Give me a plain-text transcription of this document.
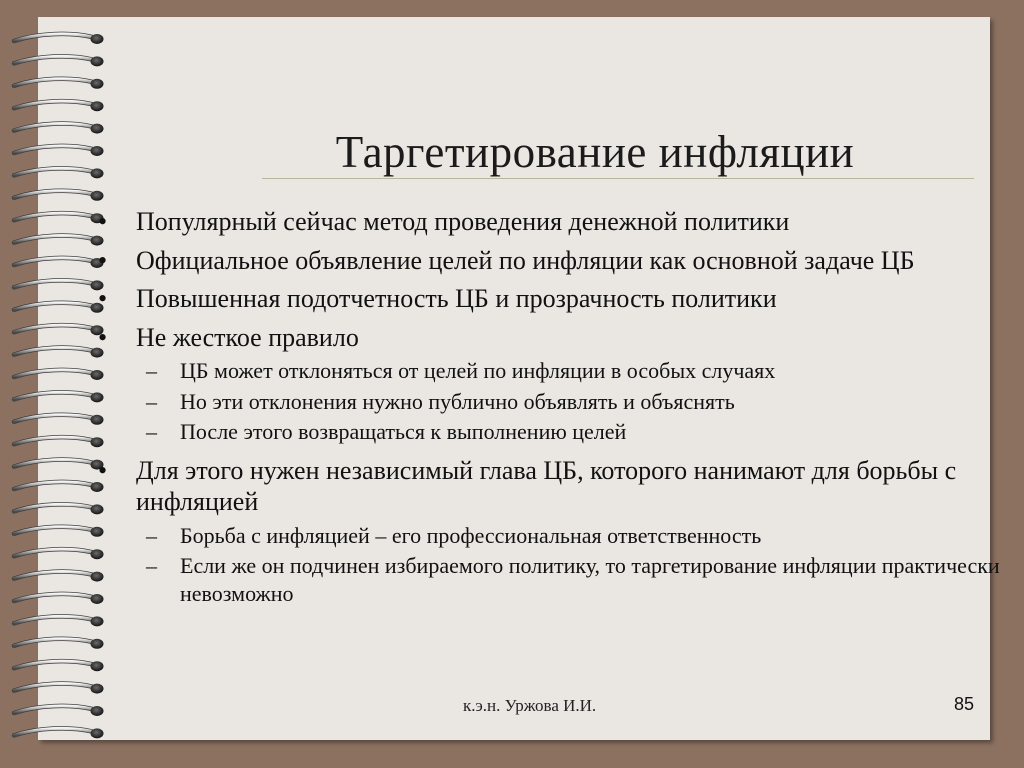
Таргетирование инфляции
•	Популярный сейчас метод проведения денежной политики
•	Официальное объявление целей по инфляции как основной задаче ЦБ
•	Повышенная подотчетность ЦБ и прозрачность политики
•	Не жесткое правило
– ЦБ может отклоняться от целей по инфляции в особых случаях
– Но эти отклонения нужно публично объявлять и объяснять
– После этого возвращаться к выполнению целей
•	Для этого нужен независимый глава ЦБ, которого нанимают для борьбы с инфляцией
– Борьба с инфляцией – его профессиональная ответственность
– Если же он подчинен избираемого политику, то таргетирование инфляции практически невозможно
к.э.н. Уржова И.И.	85
